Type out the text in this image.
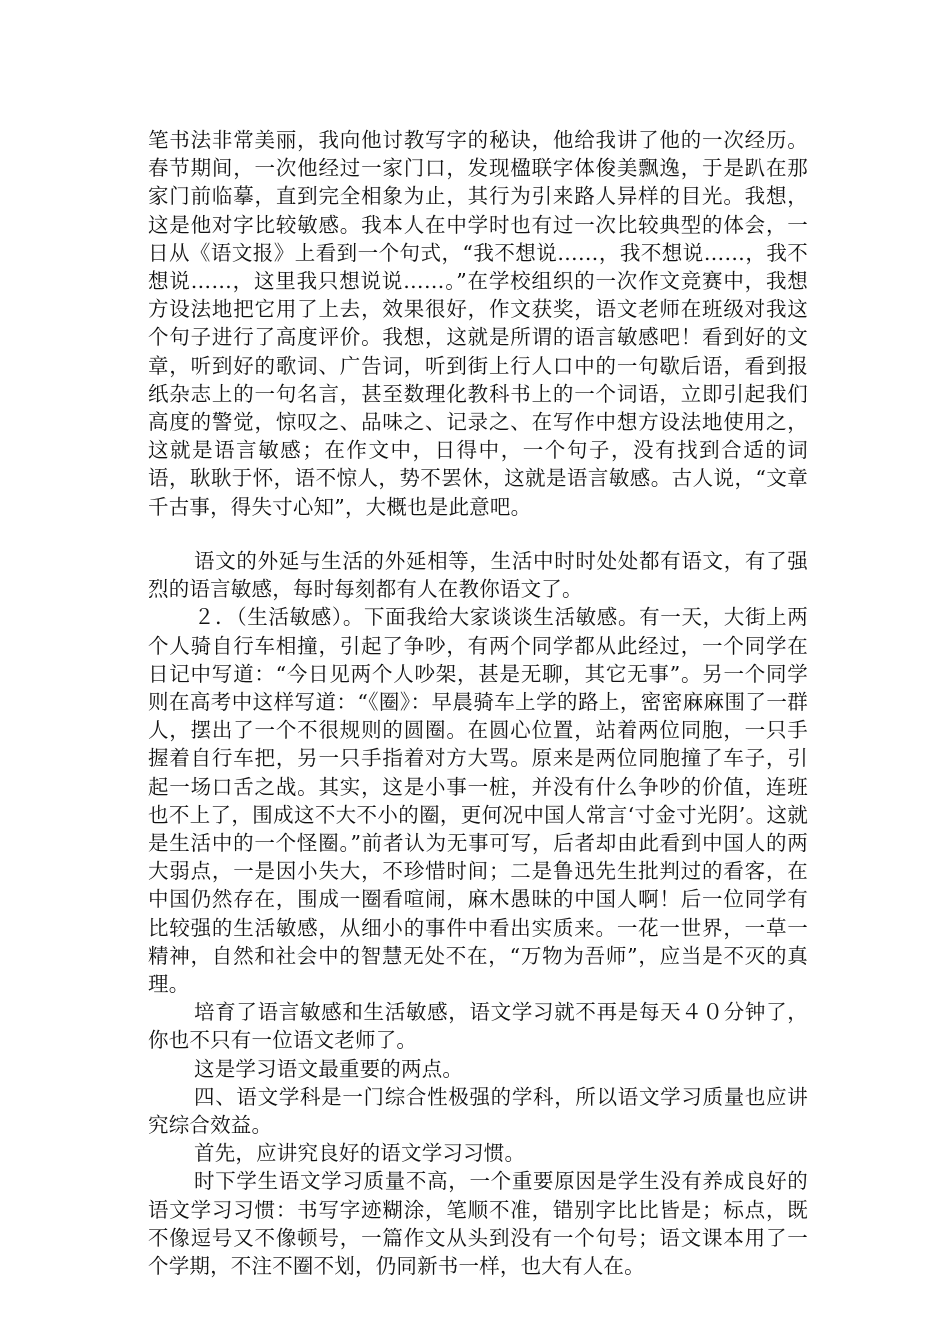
笔书法非常美丽，我向他讨教写字的秘诀，他给我讲了他的一次经历。春节期间，一次他经过一家门口，发现楹联字体俊美飘逸，于是趴在那家门前临摹，直到完全相象为止，其行为引来路人异样的目光。我想，这是他对字比较敏感。我本人在中学时也有过一次比较典型的体会，一日从《语文报》上看到一个句式，“我不想说……，我不想说……，我不想说……，这里我只想说说……。”在学校组织的一次作文竞赛中，我想方设法地把它用了上去，效果很好，作文获奖，语文老师在班级对我这个句子进行了高度评价。我想，这就是所谓的语言敏感吧！看到好的文章，听到好的歌词、广告词，听到街上行人口中的一句歇后语，看到报纸杂志上的一句名言，甚至数理化教科书上的一个词语，立即引起我们高度的警觉，惊叹之、品味之、记录之、在写作中想方设法地使用之，这就是语言敏感；在作文中，日得中，一个句子，没有找到合适的词语，耿耿于怀，语不惊人，势不罢休，这就是语言敏感。古人说，“文章千古事，得失寸心知”，大概也是此意吧。

语文的外延与生活的外延相等，生活中时时处处都有语文，有了强烈的语言敏感，每时每刻都有人在教你语文了。

２．（生活敏感）。下面我给大家谈谈生活敏感。有一天，大街上两个人骑自行车相撞，引起了争吵，有两个同学都从此经过，一个同学在日记中写道：“今日见两个人吵架，甚是无聊，其它无事”。另一个同学则在高考中这样写道：“《圈》：早晨骑车上学的路上，密密麻麻围了一群人，摆出了一个不很规则的圆圈。在圆心位置，站着两位同胞，一只手握着自行车把，另一只手指着对方大骂。原来是两位同胞撞了车子，引起一场口舌之战。其实，这是小事一桩，并没有什么争吵的价值，连班也不上了，围成这不大不小的圈，更何况中国人常言‘寸金寸光阴’。这就是生活中的一个怪圈。”前者认为无事可写，后者却由此看到中国人的两大弱点，一是因小失大，不珍惜时间；二是鲁迅先生批判过的看客，在中国仍然存在，围成一圈看喧闹，麻木愚昧的中国人啊！后一位同学有比较强的生活敏感，从细小的事件中看出实质来。一花一世界，一草一精神，自然和社会中的智慧无处不在，“万物为吾师”，应当是不灭的真理。

培育了语言敏感和生活敏感，语文学习就不再是每天４０分钟了，你也不只有一位语文老师了。

这是学习语文最重要的两点。

四、语文学科是一门综合性极强的学科，所以语文学习质量也应讲究综合效益。

首先，应讲究良好的语文学习习惯。

时下学生语文学习质量不高，一个重要原因是学生没有养成良好的语文学习习惯：书写字迹糊涂，笔顺不准，错别字比比皆是；标点，既不像逗号又不像顿号，一篇作文从头到没有一个句号；语文课本用了一个学期，不注不圈不划，仍同新书一样，也大有人在。
